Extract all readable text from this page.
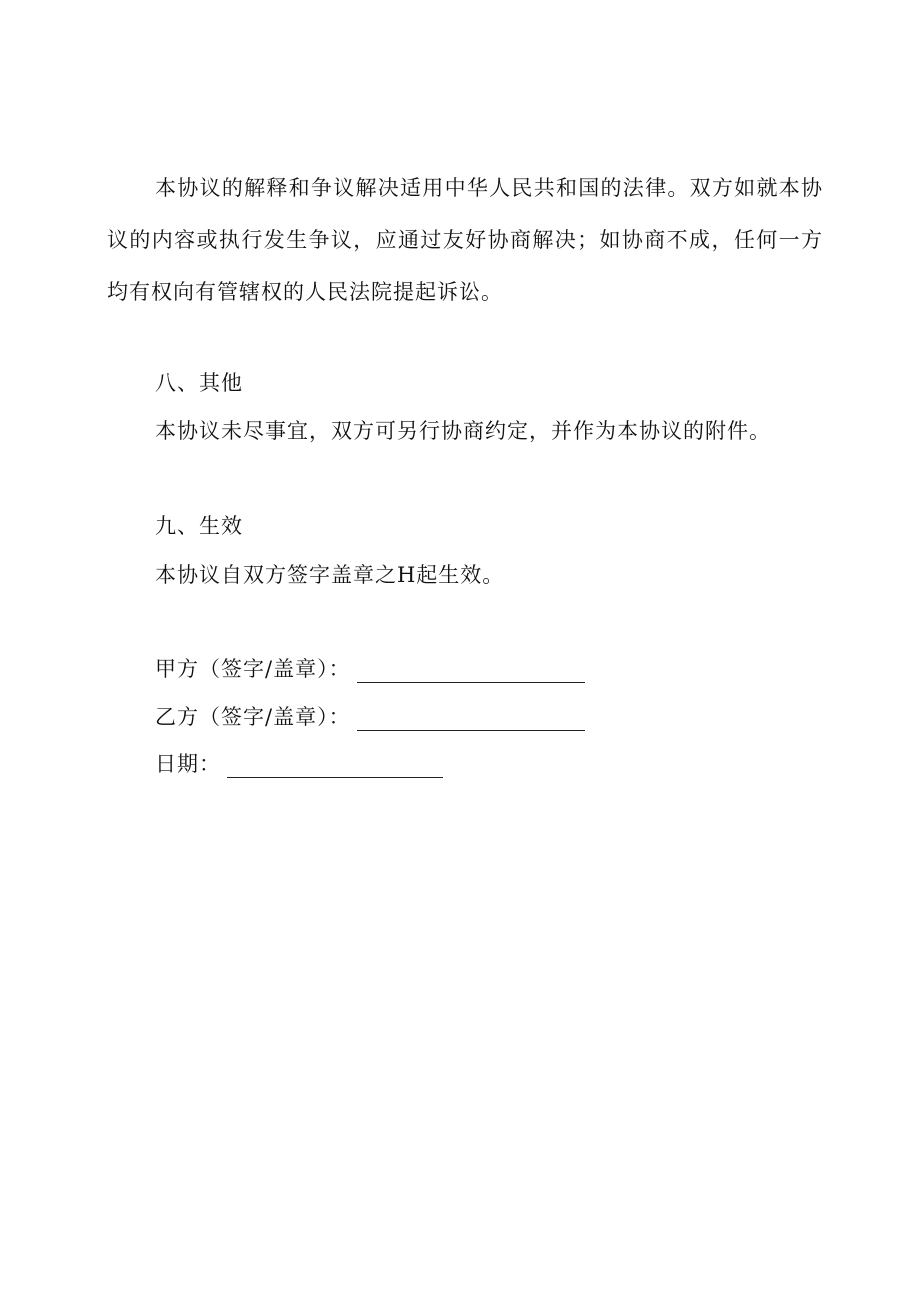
本协议的解释和争议解决适用中华人民共和国的法律。双方如就本协议的内容或执行发生争议，应通过友好协商解决；如协商不成，任何一方均有权向有管辖权的人民法院提起诉讼。

八、其他

本协议未尽事宜，双方可另行协商约定，并作为本协议的附件。

九、生效

本协议自双方签字盖章之H起生效。

甲方（签字/盖章）：
乙方（签字/盖章）：
日期：
